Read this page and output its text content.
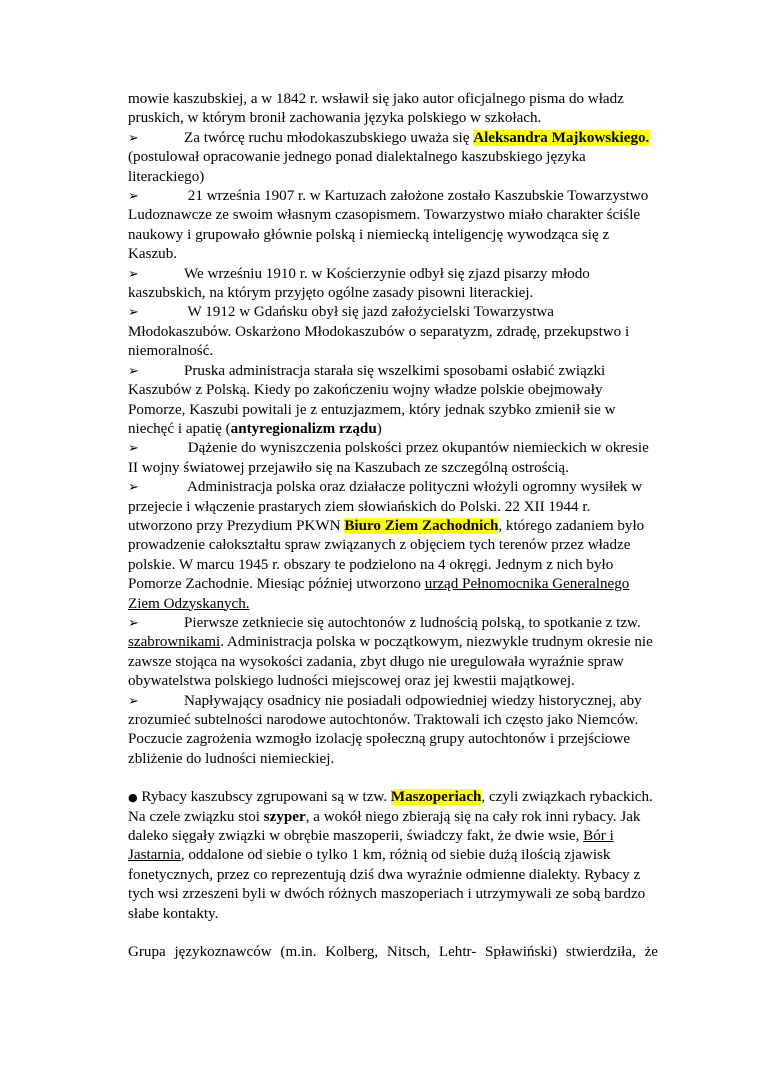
mowie kaszubskiej, a w 1842 r. wsławił się jako autor oficjalnego pisma do władz pruskich, w którym bronił zachowania języka polskiego w szkołach.

➢	Za twórcę ruchu młodokaszubskiego uważa się Aleksandra Majkowskiego. (postulował opracowanie jednego ponad dialektalnego kaszubskiego języka literackiego)

➢	21 września 1907 r. w Kartuzach założone zostało Kaszubskie Towarzystwo Ludoznawcze ze swoim własnym czasopismem. Towarzystwo miało charakter ściśle naukowy i grupowało głównie polską i niemiecką inteligencję wywodząca się z Kaszub.

➢	We wrześniu 1910 r. w Kościerzynie odbył się zjazd pisarzy młodo kaszubskich, na którym przyjęto ogólne zasady pisowni literackiej.

➢	W 1912 w Gdańsku obył się jazd założycielski Towarzystwa Młodokaszubów. Oskarżono Młodokaszubów o separatyzm, zdradę, przekupstwo i niemoralność.

➢	Pruska administracja starała się wszelkimi sposobami osłabić związki Kaszubów z Polską. Kiedy po zakończeniu wojny władze polskie obejmowały Pomorze, Kaszubi powitali je z entuzjazmem, który jednak szybko zmienił sie w niechęć i apatię (antyregionalizm rządu)

➢	Dążenie do wyniszczenia polskości przez okupantów niemieckich w okresie II wojny światowej przejawiło się na Kaszubach ze szczególną ostrością.

➢	Administracja polska oraz działacze polityczni włożyli ogromny wysiłek w przejecie i włączenie prastarych ziem słowiańskich do Polski. 22 XII 1944 r. utworzono przy Prezydium PKWN Biuro Ziem Zachodnich, którego zadaniem było prowadzenie całokształtu spraw związanych z objęciem tych terenów przez władze polskie. W marcu 1945 r. obszary te podzielono na 4 okręgi. Jednym z nich było Pomorze Zachodnie. Miesiąc później utworzono urząd Pełnomocnika Generalnego Ziem Odzyskanych.

➢	Pierwsze zetkniecie się autochtonów z ludnością polską, to spotkanie z tzw. szabrownikami. Administracja polska w początkowym, niezwykle trudnym okresie nie zawsze stojąca na wysokości zadania, zbyt długo nie uregulowała wyraźnie spraw obywatelstwa polskiego ludności miejscowej oraz jej kwestii majątkowej.

➢	Napływający osadnicy nie posiadali odpowiedniej wiedzy historycznej, aby zrozumieć subtelności narodowe autochtonów. Traktowali ich często jako Niemców. Poczucie zagrożenia wzmogło izolację społeczną grupy autochtonów i przejściowe zbliżenie do ludności niemieckiej.

● Rybacy kaszubscy zgrupowani są w tzw. Maszoperiach, czyli związkach rybackich. Na czele związku stoi szyper, a wokół niego zbierają się na cały rok inni rybacy. Jak daleko sięgały związki w obrębie maszoperii, świadczy fakt, że dwie wsie, Bór i Jastarnia, oddalone od siebie o tylko 1 km, różnią od siebie dużą ilością zjawisk fonetycznych, przez co reprezentują dziś dwa wyraźnie odmienne dialekty. Rybacy z tych wsi zrzeszeni byli w dwóch różnych maszoperiach i utrzymywali ze sobą bardzo słabe kontakty.

Grupa językoznawców (m.in. Kolberg, Nitsch, Lehtr- Spławiński) stwierdziła, że
